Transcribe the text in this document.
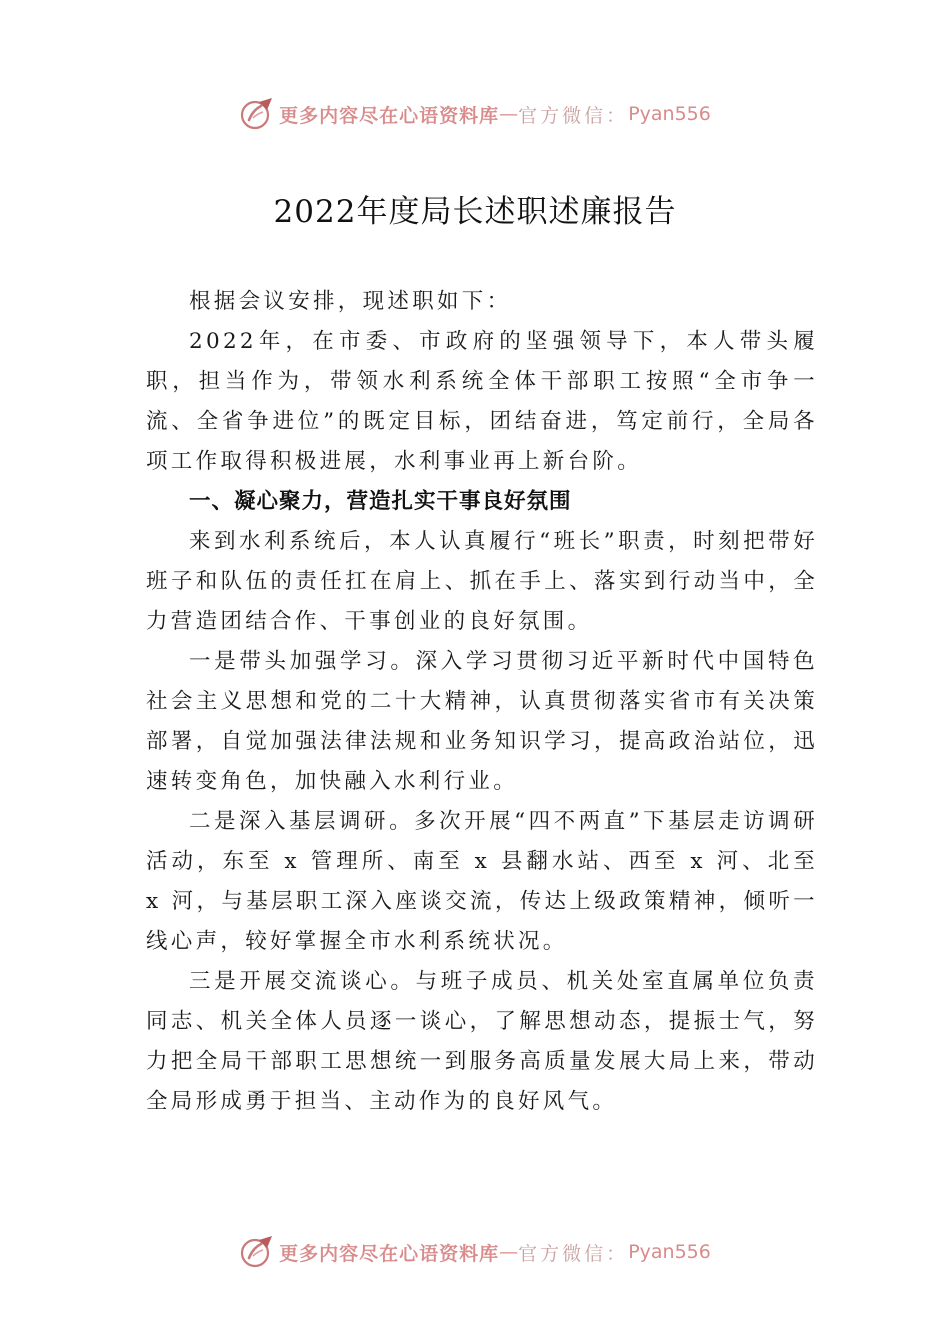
更多内容尽在心语资料库 — 官方微信： Pyan556
2022年度局长述职述廉报告

根据会议安排，现述职如下：

2022年，在市委、市政府的坚强领导下，本人带头履职，担当作为，带领水利系统全体干部职工按照“全市争一流、全省争进位”的既定目标，团结奋进，笃定前行，全局各项工作取得积极进展，水利事业再上新台阶。

一、凝心聚力，营造扎实干事良好氛围

来到水利系统后，本人认真履行“班长”职责，时刻把带好班子和队伍的责任扛在肩上、抓在手上、落实到行动当中，全力营造团结合作、干事创业的良好氛围。

一是带头加强学习。深入学习贯彻习近平新时代中国特色社会主义思想和党的二十大精神，认真贯彻落实省市有关决策部署，自觉加强法律法规和业务知识学习，提高政治站位，迅速转变角色，加快融入水利行业。

二是深入基层调研。多次开展“四不两直”下基层走访调研活动，东至 x 管理所、南至 x 县翻水站、西至 x 河、北至 x 河，与基层职工深入座谈交流，传达上级政策精神，倾听一线心声，较好掌握全市水利系统状况。

三是开展交流谈心。与班子成员、机关处室直属单位负责同志、机关全体人员逐一谈心，了解思想动态，提振士气，努力把全局干部职工思想统一到服务高质量发展大局上来，带动全局形成勇于担当、主动作为的良好风气。

更多内容尽在心语资料库 — 官方微信： Pyan556
